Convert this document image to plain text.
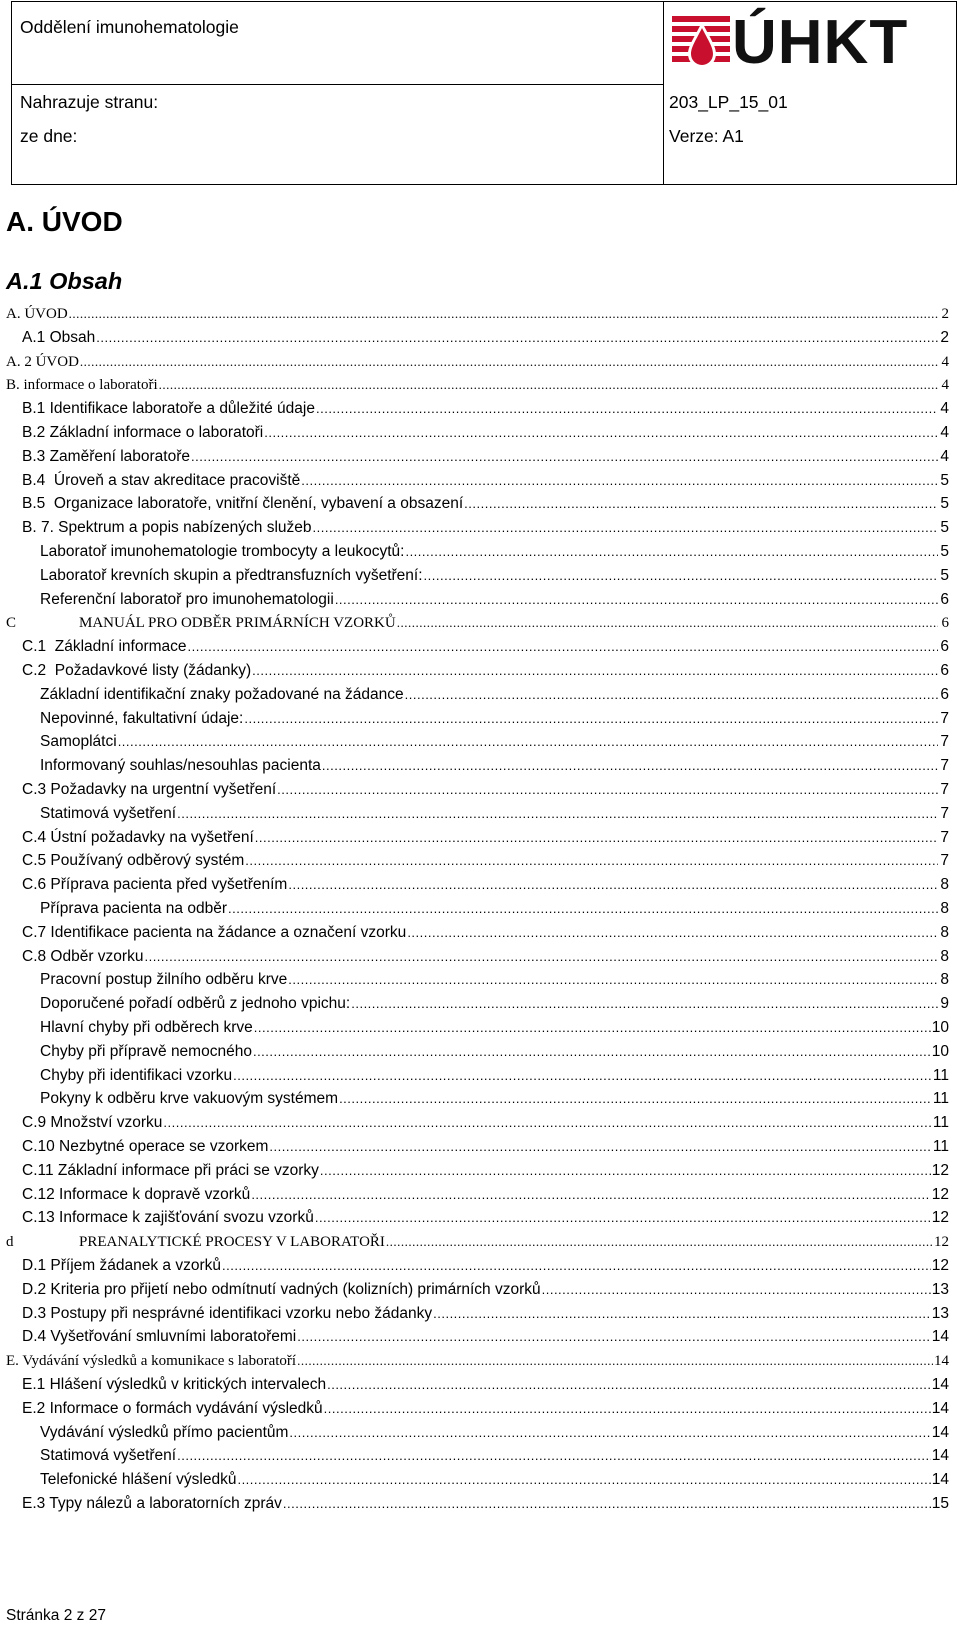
Oddělení imunohematologie
Nahrazuje stranu:
ze dne:
203_LP_15_01
Verze: A1
ÚHKT
A. ÚVOD
A.1 Obsah
A. ÚVOD .....	2
A.1 Obsah .....	2
A. 2 ÚVOD .....	4
B. informace o laboratoři .....	4
B.1 Identifikace laboratoře a důležité údaje .....	4
B.2 Základní informace o laboratoři .....	4
B.3 Zaměření laboratoře .....	4
B.4  Úroveň a stav akreditace pracoviště .....	5
B.5  Organizace laboratoře, vnitřní členění, vybavení a obsazení .....	5
B. 7. Spektrum a popis nabízených služeb .....	5
Laboratoř imunohematologie trombocyty a leukocytů: .....	5
Laboratoř krevních skupin a předtransfuzních vyšetření: .....	5
Referenční laboratoř pro imunohematologii .....	6
C	MANUÁL PRO ODBĚR PRIMÁRNÍCH VZORKŮ .....	6
C.1  Základní informace .....	6
C.2  Požadavkové listy (žádanky) .....	6
Základní identifikační znaky požadované na žádance .....	6
Nepovinné, fakultativní údaje: .....	7
Samoplátci .....	7
Informovaný souhlas/nesouhlas pacienta .....	7
C.3 Požadavky na urgentní vyšetření .....	7
Statimová vyšetření .....	7
C.4 Ústní požadavky na vyšetření .....	7
C.5 Používaný odběrový systém .....	7
C.6 Příprava pacienta před vyšetřením .....	8
Příprava pacienta na odběr .....	8
C.7 Identifikace pacienta na žádance a označení vzorku .....	8
C.8 Odběr vzorku .....	8
Pracovní postup žilního odběru krve .....	8
Doporučené pořadí odběrů z jednoho vpichu: .....	9
Hlavní chyby při odběrech krve .....	10
Chyby při přípravě nemocného .....	10
Chyby při identifikaci vzorku .....	11
Pokyny k odběru krve vakuovým systémem .....	11
C.9 Množství vzorku .....	11
C.10 Nezbytné operace se vzorkem .....	11
C.11 Základní informace při práci se vzorky .....	12
C.12 Informace k dopravě vzorků .....	12
C.13 Informace k zajišťování svozu vzorků .....	12
d	PREANALYTICKÉ PROCESY V LABORATOŘI .....	12
D.1 Příjem žádanek a vzorků .....	12
D.2 Kriteria pro přijetí nebo odmítnutí vadných (kolizních) primárních vzorků .....	13
D.3 Postupy při nesprávné identifikaci vzorku nebo žádanky .....	13
D.4 Vyšetřování smluvními laboratořemi .....	14
E. Vydávání výsledků a komunikace s laboratoří .....	14
E.1 Hlášení výsledků v kritických intervalech .....	14
E.2 Informace o formách vydávání výsledků .....	14
Vydávání výsledků přímo pacientům .....	14
Statimová vyšetření .....	14
Telefonické hlášení výsledků .....	14
E.3 Typy nálezů a laboratorních zpráv .....	15
Stránka 2 z 27
